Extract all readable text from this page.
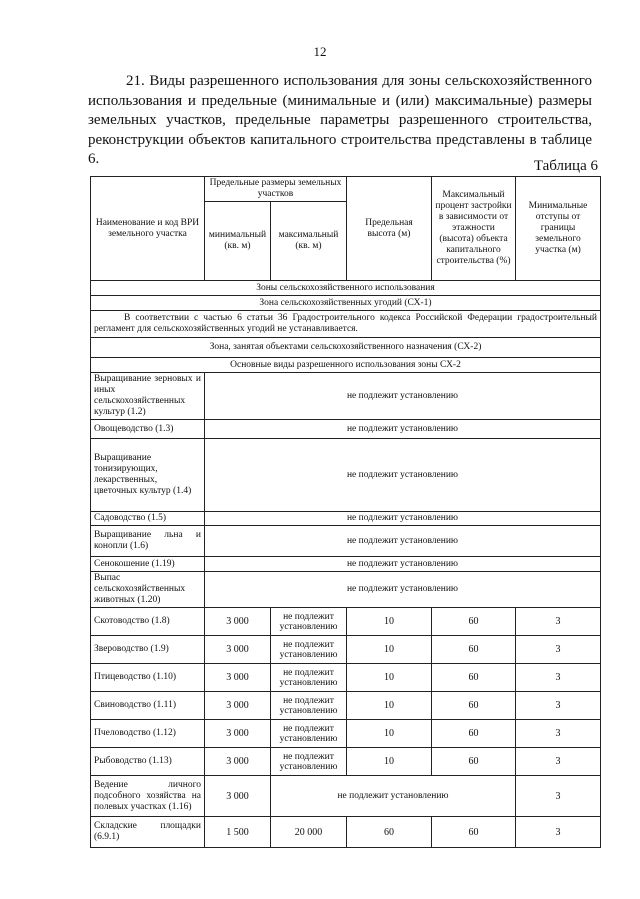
12

21. Виды разрешенного использования для зоны сельскохозяйственного использования и предельные (минимальные и (или) максимальные) размеры земельных участков, предельные параметры разрешенного строительства, реконструкции объектов капитального строительства представлены в таблице 6.	Таблица 6
Наименование и код ВРИ земельного участка	Предельные размеры земельных участков		Предельная высота (м)	Максимальный процент застройки в зависимости от этажности (высота) объекта капитального строительства (%)	Минимальные отступы от границы земельного участка (м)
	минимальный (кв. м)	максимальный (кв. м)			
Зоны сельскохозяйственного использования					
Зона сельскохозяйственных угодий (СХ-1)					
В соответствии с частью 6 статьи 36 Градостроительного кодекса Российской Федерации градостроительный регламент для сельскохозяйственных угодий не устанавливается.					
Зона, занятая объектами сельскохозяйственного назначения (СХ-2)					
Основные виды разрешенного использования зоны СХ-2					
Выращивание зерновых и иных сельскохозяйственных культур (1.2)	не подлежит установлению				
Овощеводство (1.3)	не подлежит установлению				
Выращивание тонизирующих, лекарственных, цветочных культур (1.4)	не подлежит установлению				
Садоводство (1.5)	не подлежит установлению				
Выращивание льна и конопли (1.6)	не подлежит установлению				
Сенокошение (1.19)	не подлежит установлению				
Выпас сельскохозяйственных животных (1.20)	не подлежит установлению				
Скотоводство (1.8)	3 000	не подлежит установлению	10	60	3
Звероводство (1.9)	3 000	не подлежит установлению	10	60	3
Птицеводство (1.10)	3 000	не подлежит установлению	10	60	3
Свиноводство (1.11)	3 000	не подлежит установлению	10	60	3
Пчеловодство (1.12)	3 000	не подлежит установлению	10	60	3
Рыбоводство (1.13)	3 000	не подлежит установлению	10	60	3
Ведение личного подсобного хозяйства на полевых участках (1.16)	3 000	не подлежит установлению			3
Складские площадки (6.9.1)	1 500	20 000	60	60	3
